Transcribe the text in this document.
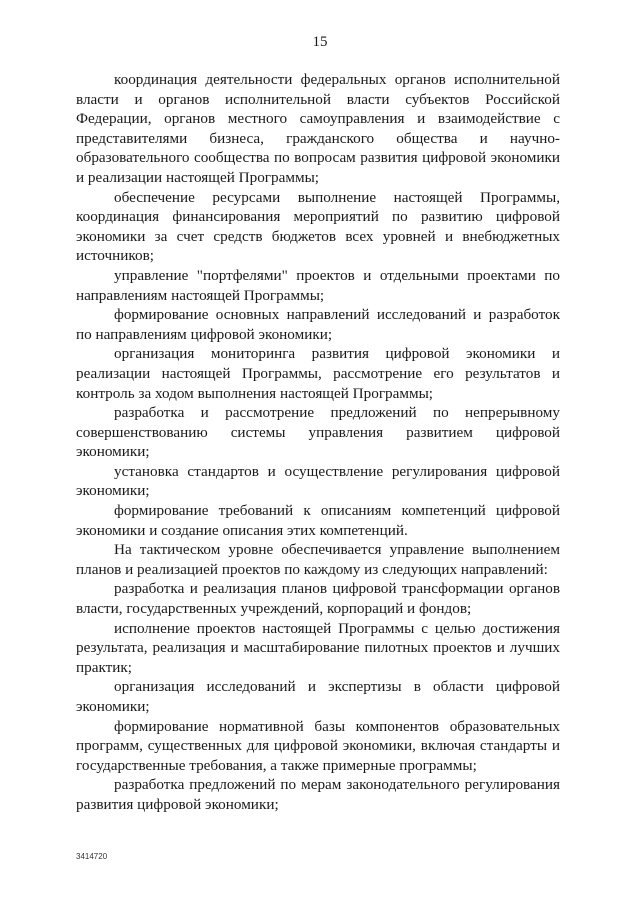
15

координация деятельности федеральных органов исполнительной власти и органов исполнительной власти субъектов Российской Федерации, органов местного самоуправления и взаимодействие с представителями бизнеса, гражданского общества и научно-образовательного сообщества по вопросам развития цифровой экономики и реализации настоящей Программы;

обеспечение ресурсами выполнение настоящей Программы, координация финансирования мероприятий по развитию цифровой экономики за счет средств бюджетов всех уровней и внебюджетных источников;

управление "портфелями" проектов и отдельными проектами по направлениям настоящей Программы;

формирование основных направлений исследований и разработок по направлениям цифровой экономики;

организация мониторинга развития цифровой экономики и реализации настоящей Программы, рассмотрение его результатов и контроль за ходом выполнения настоящей Программы;

разработка и рассмотрение предложений по непрерывному совершенствованию системы управления развитием цифровой экономики;

установка стандартов и осуществление регулирования цифровой экономики;

формирование требований к описаниям компетенций цифровой экономики и создание описания этих компетенций.

На тактическом уровне обеспечивается управление выполнением планов и реализацией проектов по каждому из следующих направлений:

разработка и реализация планов цифровой трансформации органов власти, государственных учреждений, корпораций и фондов;

исполнение проектов настоящей Программы с целью достижения результата, реализация и масштабирование пилотных проектов и лучших практик;

организация исследований и экспертизы в области цифровой экономики;

формирование нормативной базы компонентов образовательных программ, существенных для цифровой экономики, включая стандарты и государственные требования, а также примерные программы;

разработка предложений по мерам законодательного регулирования развития цифровой экономики;

3414720
